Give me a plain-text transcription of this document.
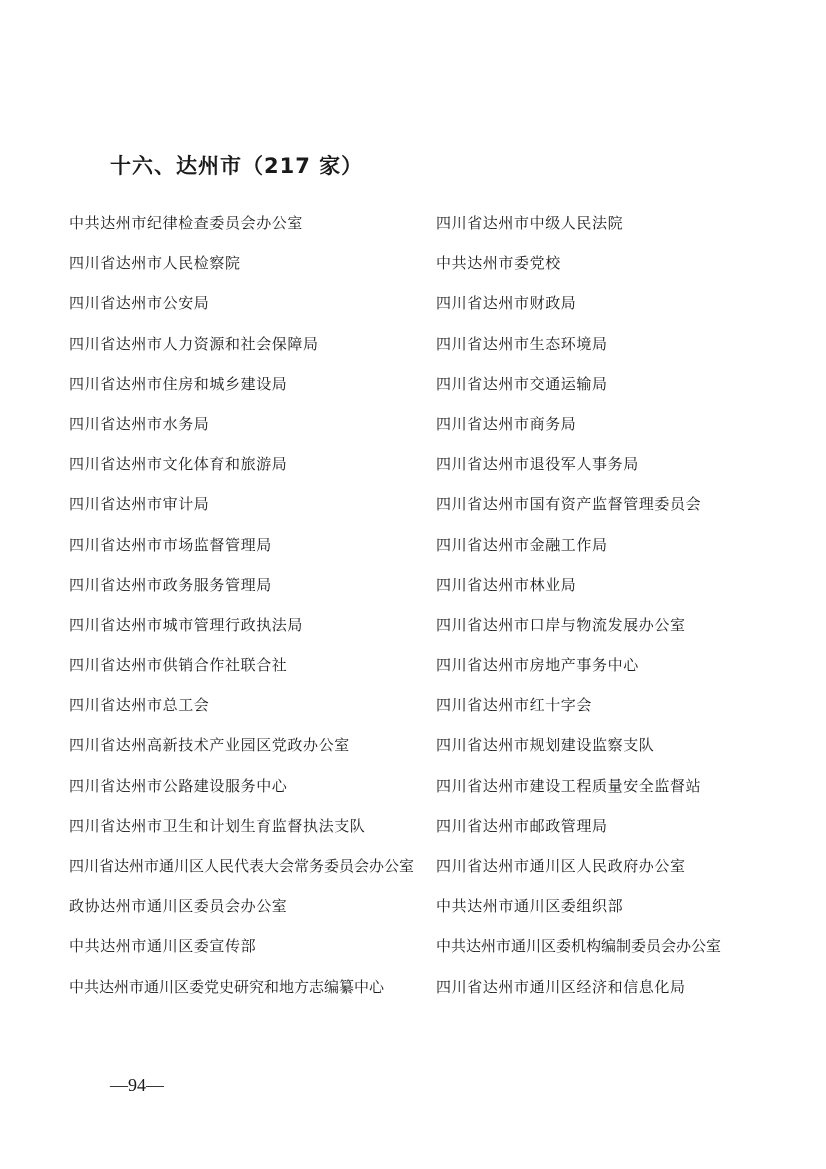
十六、达州市（217 家）
中共达州市纪律检查委员会办公室	四川省达州市中级人民法院
四川省达州市人民检察院	中共达州市委党校
四川省达州市公安局	四川省达州市财政局
四川省达州市人力资源和社会保障局	四川省达州市生态环境局
四川省达州市住房和城乡建设局	四川省达州市交通运输局
四川省达州市水务局	四川省达州市商务局
四川省达州市文化体育和旅游局	四川省达州市退役军人事务局
四川省达州市审计局	四川省达州市国有资产监督管理委员会
四川省达州市市场监督管理局	四川省达州市金融工作局
四川省达州市政务服务管理局	四川省达州市林业局
四川省达州市城市管理行政执法局	四川省达州市口岸与物流发展办公室
四川省达州市供销合作社联合社	四川省达州市房地产事务中心
四川省达州市总工会	四川省达州市红十字会
四川省达州高新技术产业园区党政办公室	四川省达州市规划建设监察支队
四川省达州市公路建设服务中心	四川省达州市建设工程质量安全监督站
四川省达州市卫生和计划生育监督执法支队	四川省达州市邮政管理局
四川省达州市通川区人民代表大会常务委员会办公室	四川省达州市通川区人民政府办公室
政协达州市通川区委员会办公室	中共达州市通川区委组织部
中共达州市通川区委宣传部	中共达州市通川区委机构编制委员会办公室
中共达州市通川区委党史研究和地方志编纂中心	四川省达州市通川区经济和信息化局
—94—
